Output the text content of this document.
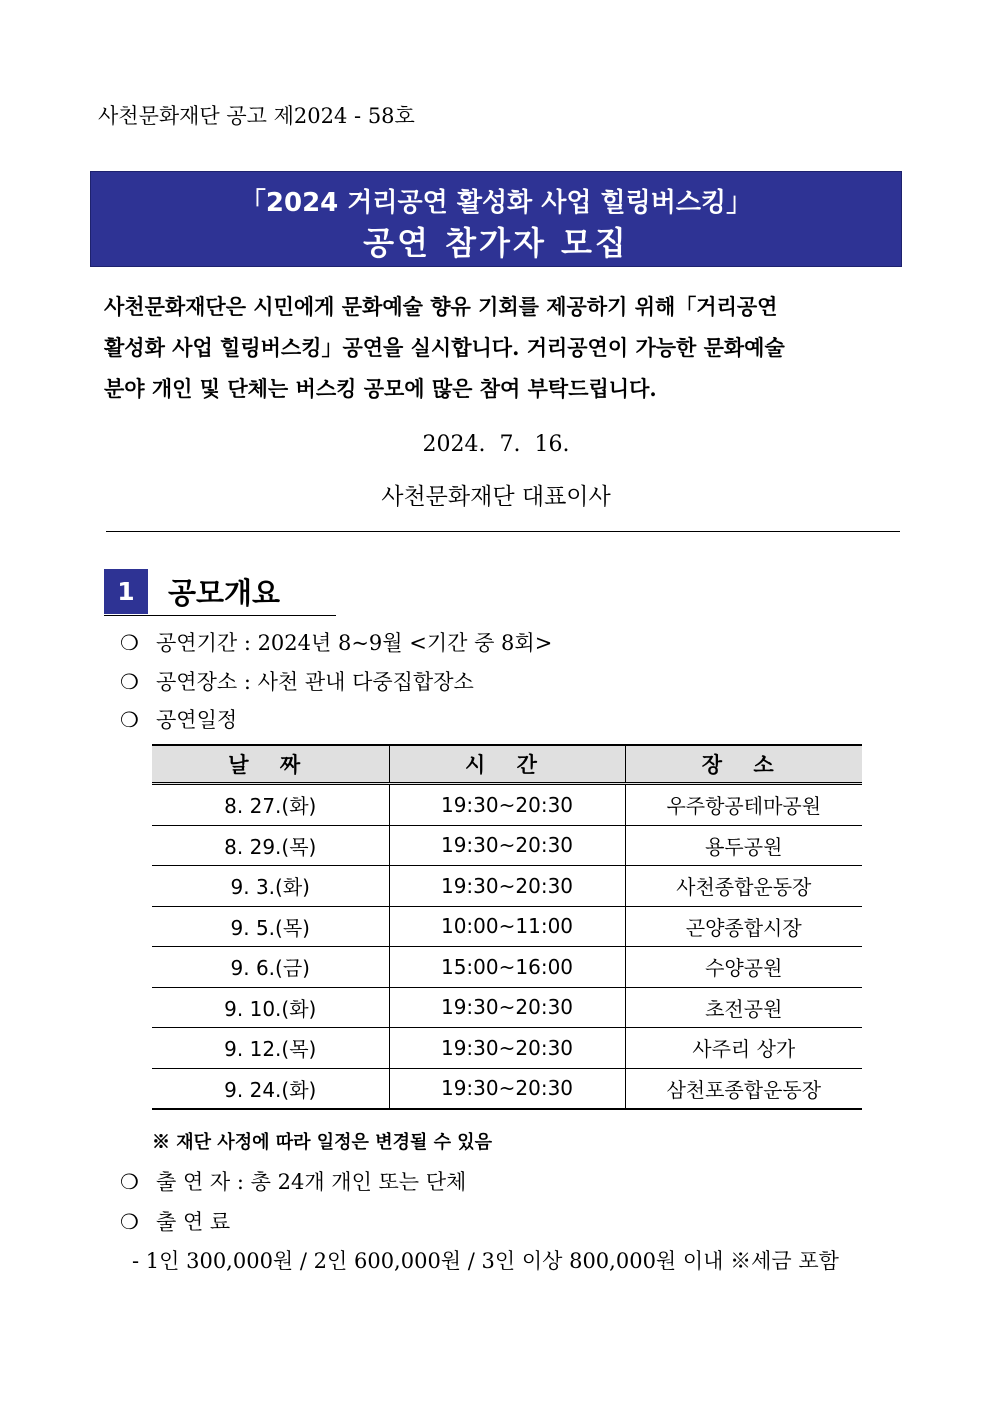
사천문화재단 공고 제2024 - 58호
「2024 거리공연 활성화 사업 힐링버스킹」
공연 참가자 모집
사천문화재단은 시민에게 문화예술 향유 기회를 제공하기 위해「거리공연
활성화 사업 힐링버스킹」공연을 실시합니다. 거리공연이 가능한 문화예술
분야 개인 및 단체는 버스킹 공모에 많은 참여 부탁드립니다.
2024.  7.  16.
사천문화재단 대표이사
1	공모개요
❍ 공연기간 : 2024년 8~9월 <기간 중 8회>
❍ 공연장소 : 사천 관내 다중집합장소
❍ 공연일정
날 짜	시 간	장 소
8. 27.(화)	19:30~20:30	우주항공테마공원
8. 29.(목)	19:30~20:30	용두공원
9. 3.(화)	19:30~20:30	사천종합운동장
9. 5.(목)	10:00~11:00	곤양종합시장
9. 6.(금)	15:00~16:00	수양공원
9. 10.(화)	19:30~20:30	초전공원
9. 12.(목)	19:30~20:30	사주리 상가
9. 24.(화)	19:30~20:30	삼천포종합운동장
※ 재단 사정에 따라 일정은 변경될 수 있음
❍ 출 연 자 : 총 24개 개인 또는 단체
❍ 출 연 료
- 1인 300,000원 / 2인 600,000원 / 3인 이상 800,000원 이내 ※세금 포함
